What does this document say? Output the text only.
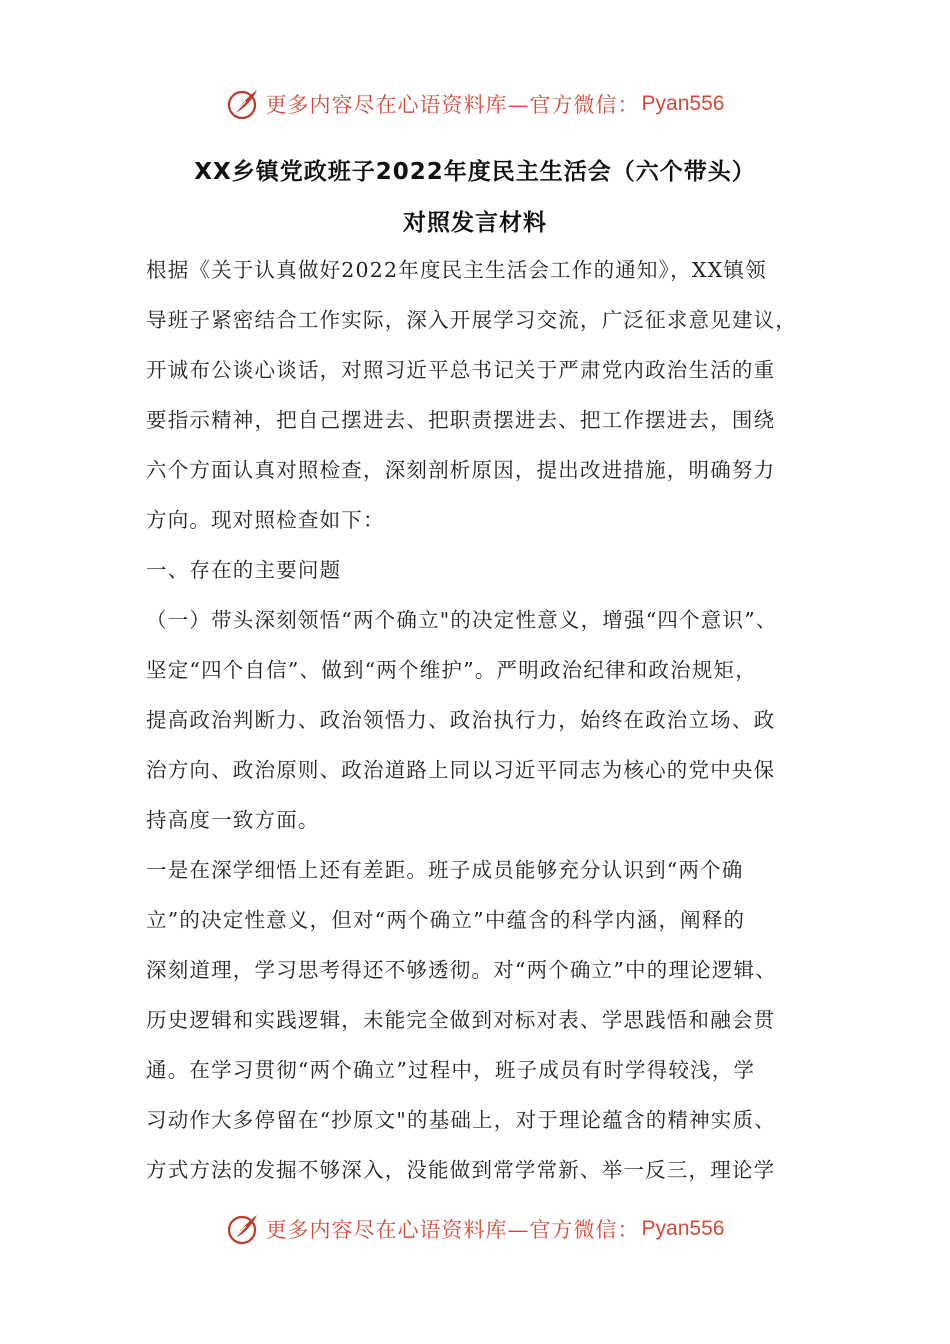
更多内容尽在心语资料库—官方微信： Pyan556
XX乡镇党政班子2022年度民主生活会（六个带头）
对照发言材料

根据《关于认真做好2022年度民主生活会工作的通知》，XX镇领

导班子紧密结合工作实际，深入开展学习交流，广泛征求意见建议，

开诚布公谈心谈话，对照习近平总书记关于严肃党内政治生活的重

要指示精神，把自己摆进去、把职责摆进去、把工作摆进去，围绕

六个方面认真对照检查，深刻剖析原因，提出改进措施，明确努力

方向。现对照检查如下：

一、存在的主要问题

（一）带头深刻领悟“两个确立"的决定性意义，增强“四个意识”、

坚定“四个自信”、做到“两个维护”。严明政治纪律和政治规矩，

提高政治判断力、政治领悟力、政治执行力，始终在政治立场、政

治方向、政治原则、政治道路上同以习近平同志为核心的党中央保

持高度一致方面。

一是在深学细悟上还有差距。班子成员能够充分认识到“两个确

立”的决定性意义，但对“两个确立”中蕴含的科学内涵，阐释的

深刻道理，学习思考得还不够透彻。对“两个确立”中的理论逻辑、

历史逻辑和实践逻辑，未能完全做到对标对表、学思践悟和融会贯

通。在学习贯彻“两个确立”过程中，班子成员有时学得较浅，学

习动作大多停留在“抄原文"的基础上，对于理论蕴含的精神实质、

方式方法的发掘不够深入，没能做到常学常新、举一反三，理论学

更多内容尽在心语资料库—官方微信： Pyan556
